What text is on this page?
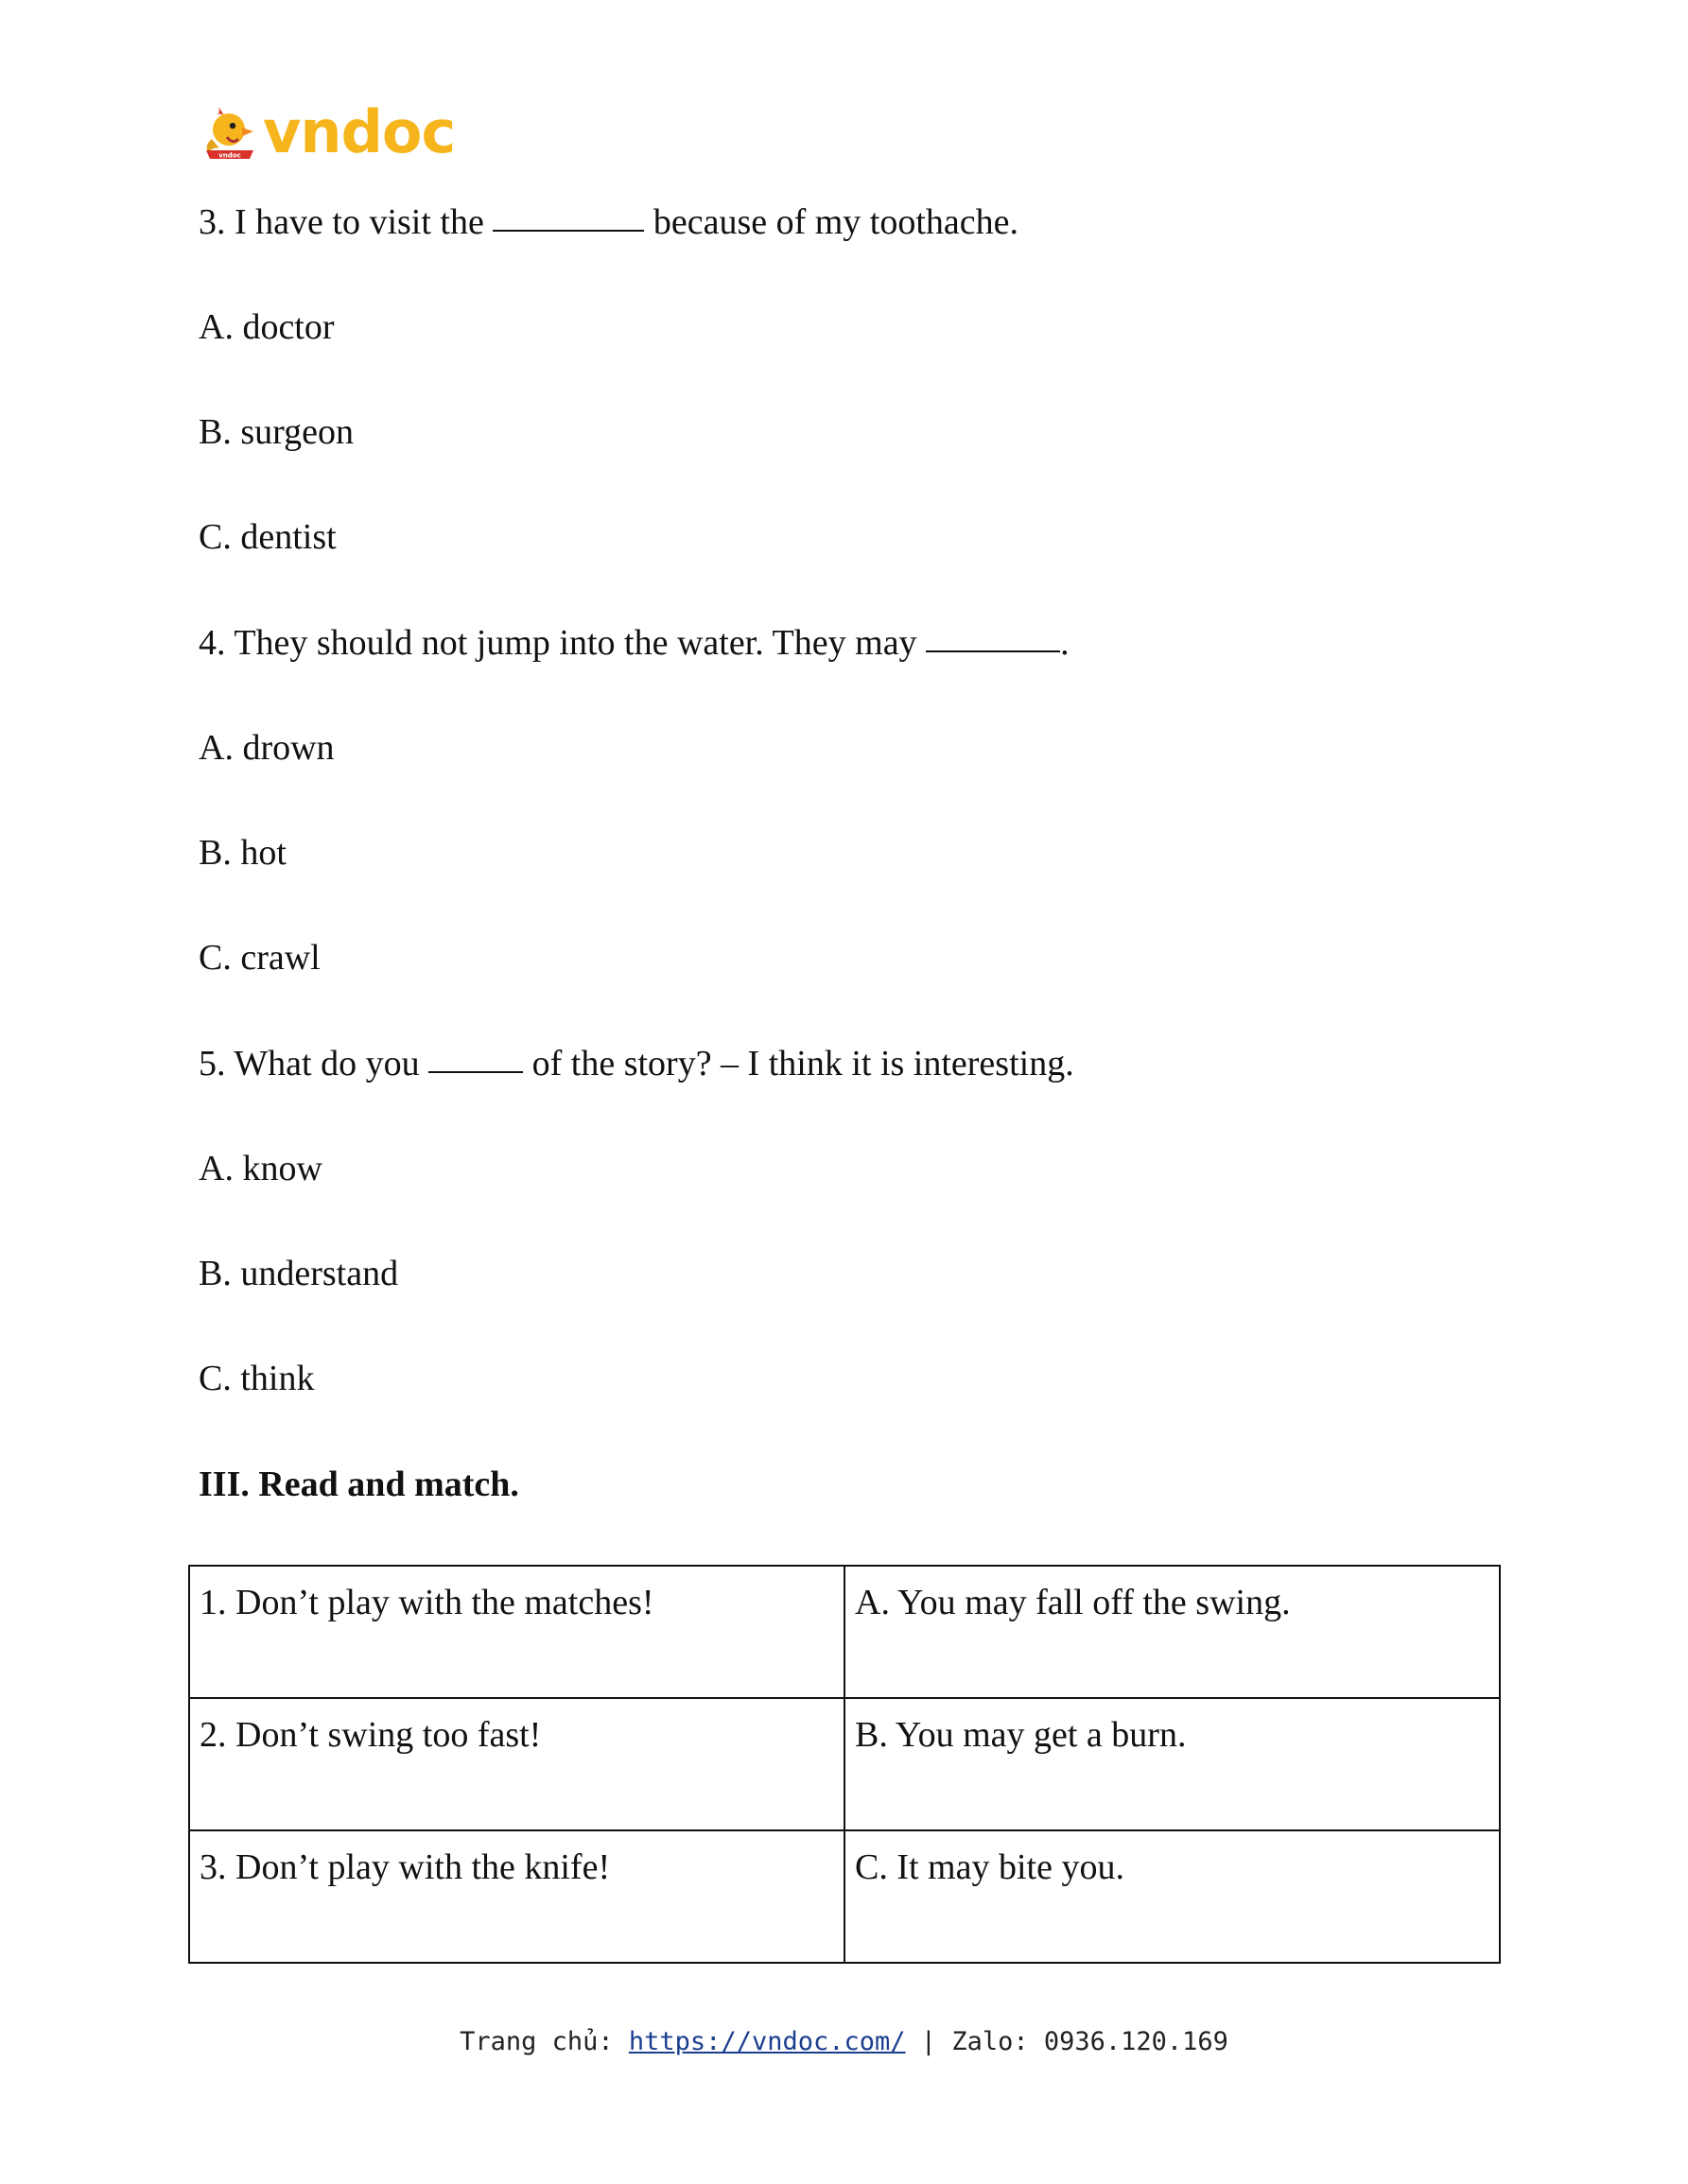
vndoc vndoc
3. I have to visit the	because of my toothache.
A. doctor
B. surgeon
C. dentist
4. They should not jump into the water. They may	.
A. drown
B. hot
C. crawl
5. What do you	of the story? – I think it is interesting.
A. know
B. understand
C. think
III. Read and match.
1. Don’t play with the matches!	A. You may fall off the swing.
2. Don’t swing too fast!	B. You may get a burn.
3. Don’t play with the knife!	C. It may bite you.
Trang chủ: https://vndoc.com/ | Zalo: 0936.120.169
